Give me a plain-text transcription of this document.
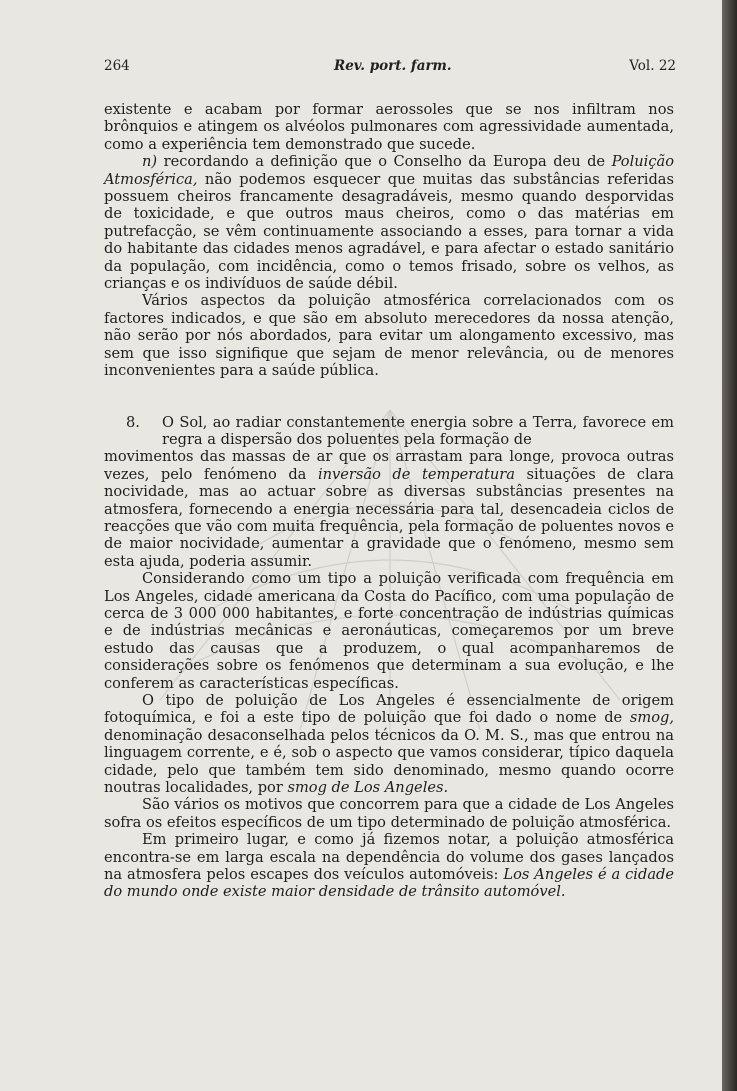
264	Rev. port. farm.	Vol. 22

existente e acabam por formar aerossoles que se nos infiltram nos brônquios e atingem os alvéolos pulmonares com agressividade aumentada, como a experiência tem demonstrado que sucede.

n) recordando a definição que o Conselho da Europa deu de Poluição Atmosférica, não podemos esquecer que muitas das substâncias referidas possuem cheiros francamente desagradáveis, mesmo quando desporvidas de toxicidade, e que outros maus cheiros, como o das matérias em putrefacção, se vêm continuamente associando a esses, para tornar a vida do habitante das cidades menos agradável, e para afectar o estado sanitário da população, com incidência, como o temos frisado, sobre os velhos, as crianças e os indivíduos de saúde débil.

Vários aspectos da poluição atmosférica correlacionados com os factores indicados, e que são em absoluto merecedores da nossa atenção, não serão por nós abordados, para evitar um alongamento excessivo, mas sem que isso signifique que sejam de menor relevância, ou de menores inconvenientes para a saúde pública.

8. O Sol, ao radiar constantemente energia sobre a Terra, favorece em regra a dispersão dos poluentes pela formação de

movimentos das massas de ar que os arrastam para longe, provoca outras vezes, pelo fenómeno da inversão de temperatura situações de clara nocividade, mas ao actuar sobre as diversas substâncias presentes na atmosfera, fornecendo a energia necessária para tal, desencadeia ciclos de reacções que vão com muita frequência, pela formação de poluentes novos e de maior nocividade, aumentar a gravidade que o fenómeno, mesmo sem esta ajuda, poderia assumir.

Considerando como um tipo a poluição verificada com frequência em Los Angeles, cidade americana da Costa do Pacífico, com uma população de cerca de 3 000 000 habitantes, e forte concentração de indústrias químicas e de indústrias mecânicas e aeronáuticas, começaremos por um breve estudo das causas que a produzem, o qual acompanharemos de considerações sobre os fenómenos que determinam a sua evolução, e lhe conferem as características específicas.

O tipo de poluição de Los Angeles é essencialmente de origem fotoquímica, e foi a este tipo de poluição que foi dado o nome de smog, denominação desaconselhada pelos técnicos da O. M. S., mas que entrou na linguagem corrente, e é, sob o aspecto que vamos considerar, típico daquela cidade, pelo que também tem sido denominado, mesmo quando ocorre noutras localidades, por smog de Los Angeles.

São vários os motivos que concorrem para que a cidade de Los Angeles sofra os efeitos específicos de um tipo determinado de poluição atmosférica.

Em primeiro lugar, e como já fizemos notar, a poluição atmosférica encontra-se em larga escala na dependência do volume dos gases lançados na atmosfera pelos escapes dos veículos automóveis: Los Angeles é a cidade do mundo onde existe maior densidade de trânsito automóvel.
